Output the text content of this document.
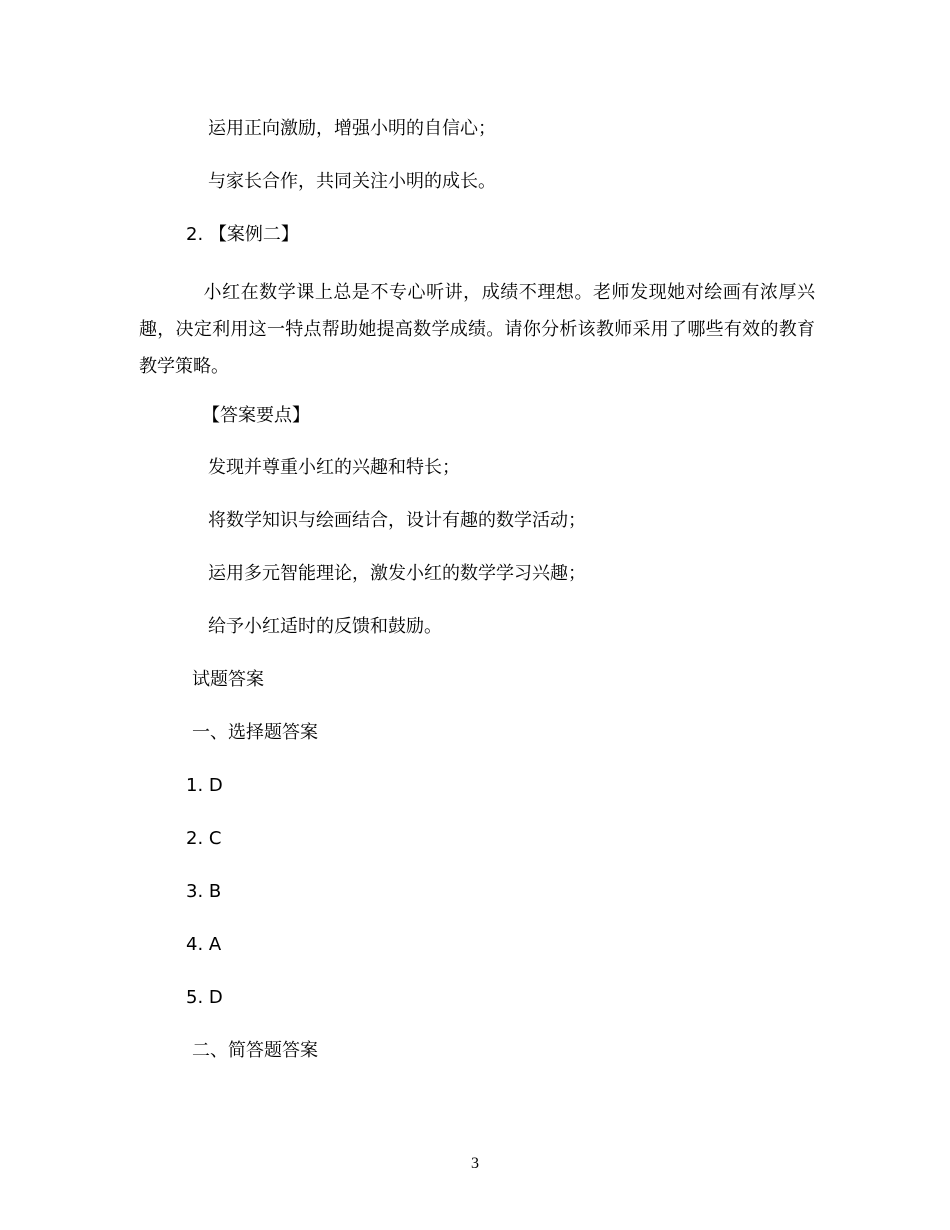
运用正向激励，增强小明的自信心；
与家长合作，共同关注小明的成长。
2. 【案例二】
小红在数学课上总是不专心听讲，成绩不理想。老师发现她对绘画有浓厚兴趣，决定利用这一特点帮助她提高数学成绩。请你分析该教师采用了哪些有效的教育教学策略。
【答案要点】
发现并尊重小红的兴趣和特长；
将数学知识与绘画结合，设计有趣的数学活动；
运用多元智能理论，激发小红的数学学习兴趣；
给予小红适时的反馈和鼓励。
试题答案
一、选择题答案
1. D
2. C
3. B
4. A
5. D
二、简答题答案
3
